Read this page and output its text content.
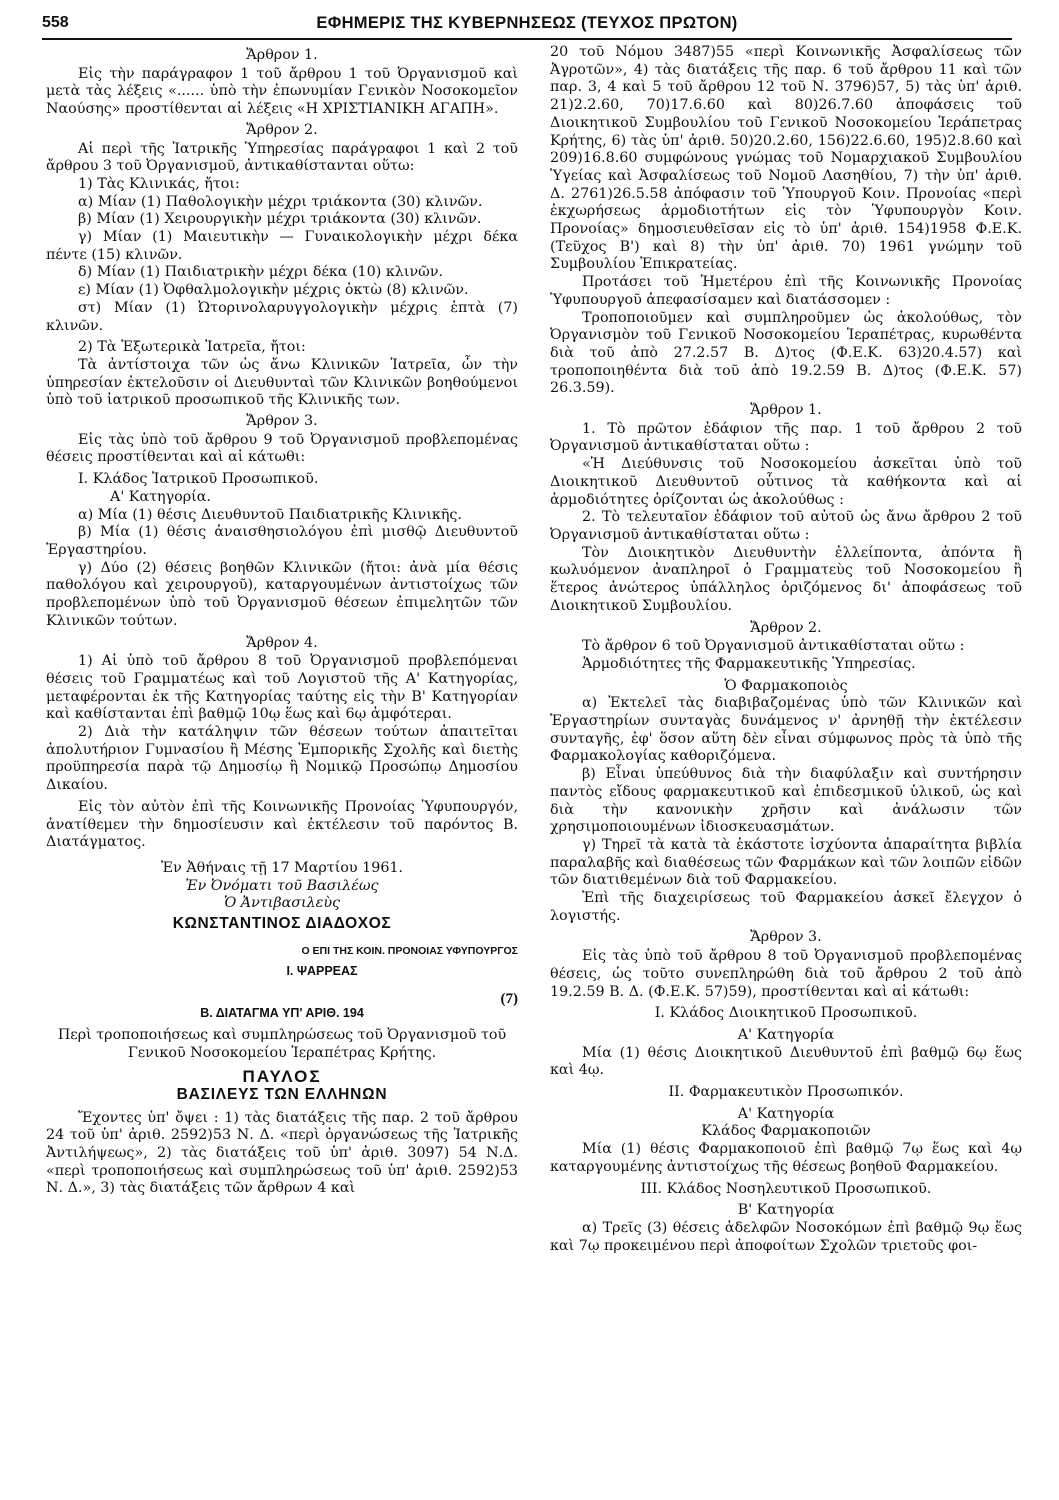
558	ΕΦΗΜΕΡΙΣ ΤΗΣ ΚΥΒΕΡΝΗΣΕΩΣ (ΤΕΥΧΟΣ ΠΡΩΤΟΝ)

Ἄρθρον 1.

Εἰς τὴν παράγραφον 1 τοῦ ἄρθρου 1 τοῦ Ὀργανισμοῦ καὶ μετὰ τὰς λέξεις «...... ὑπὸ τὴν ἐπωνυμίαν Γενικὸν Νοσοκομεῖον Ναούσης» προστίθενται αἱ λέξεις «Η ΧΡΙΣΤΙΑΝΙΚΗ ΑΓΑΠΗ».

Ἄρθρον 2.

Αἱ περὶ τῆς Ἰατρικῆς Ὑπηρεσίας παράγραφοι 1 καὶ 2 τοῦ ἄρθρου 3 τοῦ Ὀργανισμοῦ, ἀντικαθίστανται οὕτω:

1) Τὰς Κλινικάς, ἤτοι:

α) Μίαν (1) Παθολογικὴν μέχρι τριάκοντα (30) κλινῶν.

β) Μίαν (1) Χειρουργικὴν μέχρι τριάκοντα (30) κλινῶν.

γ) Μίαν (1) Μαιευτικὴν — Γυναικολογικὴν μέχρι δέκα πέντε (15) κλινῶν.

δ) Μίαν (1) Παιδιατρικὴν μέχρι δέκα (10) κλινῶν.

ε) Μίαν (1) Ὀφθαλμολογικὴν μέχρις ὀκτὼ (8) κλινῶν.

στ) Μίαν (1) Ὠτορινολαρυγγολογικὴν μέχρις ἑπτὰ (7) κλινῶν.

2) Τὰ Ἐξωτερικὰ Ἰατρεῖα, ἤτοι:

Τὰ ἀντίστοιχα τῶν ὡς ἄνω Κλινικῶν Ἰατρεῖα, ὧν τὴν ὑπηρεσίαν ἐκτελοῦσιν οἱ Διευθυνταὶ τῶν Κλινικῶν βοηθούμενοι ὑπὸ τοῦ ἰατρικοῦ προσωπικοῦ τῆς Κλινικῆς των.

Ἄρθρον 3.

Εἰς τὰς ὑπὸ τοῦ ἄρθρου 9 τοῦ Ὀργανισμοῦ προβλεπομένας θέσεις προστίθενται καὶ αἱ κάτωθι:

Ι. Κλάδος Ἰατρικοῦ Προσωπικοῦ.

Α' Κατηγορία.

α) Μία (1) θέσις Διευθυντοῦ Παιδιατρικῆς Κλινικῆς.

β) Μία (1) θέσις ἀναισθησιολόγου ἐπὶ μισθῷ Διευθυντοῦ Ἐργαστηρίου.

γ) Δύο (2) θέσεις βοηθῶν Κλινικῶν (ἤτοι: ἀνὰ μία θέσις παθολόγου καὶ χειρουργοῦ), καταργουμένων ἀντιστοίχως τῶν προβλεπομένων ὑπὸ τοῦ Ὀργανισμοῦ θέσεων ἐπιμελητῶν τῶν Κλινικῶν τούτων.

Ἄρθρον 4.

1) Αἱ ὑπὸ τοῦ ἄρθρου 8 τοῦ Ὀργανισμοῦ προβλεπόμεναι θέσεις τοῦ Γραμματέως καὶ τοῦ Λογιστοῦ τῆς Α' Κατηγορίας, μεταφέρονται ἐκ τῆς Κατηγορίας ταύτης εἰς τὴν Β' Κατηγορίαν καὶ καθίστανται ἐπὶ βαθμῷ 10ῳ ἕως καὶ 6ῳ ἀμφότεραι.

2) Διὰ τὴν κατάληψιν τῶν θέσεων τούτων ἀπαιτεῖται ἀπολυτήριον Γυμνασίου ἢ Μέσης Ἐμπορικῆς Σχολῆς καὶ διετὴς προϋπηρεσία παρὰ τῷ Δημοσίῳ ἢ Νομικῷ Προσώπῳ Δημοσίου Δικαίου.

Εἰς τὸν αὐτὸν ἐπὶ τῆς Κοινωνικῆς Προνοίας Ὑφυπουργόν, ἀνατίθεμεν τὴν δημοσίευσιν καὶ ἐκτέλεσιν τοῦ παρόντος Β. Διατάγματος.

Ἐν Ἀθήναις τῇ 17 Μαρτίου 1961.

Ἐν Ὀνόματι τοῦ Βασιλέως

Ὁ Ἀντιβασιλεὺς

ΚΩΝΣΤΑΝΤΙΝΟΣ ΔΙΑΔΟΧΟΣ

Ο ΕΠΙ ΤΗΣ ΚΟΙΝ. ΠΡΟΝΟΙΑΣ ΥΦΥΠΟΥΡΓΟΣ

Ι. ΨΑΡΡΕΑΣ

(7)
Β. ΔΙΑΤΑΓΜΑ ΥΠ' ΑΡΙΘ. 194

Περὶ τροποποιήσεως καὶ συμπληρώσεως τοῦ Ὀργανισμοῦ τοῦ Γενικοῦ Νοσοκομείου Ἱεραπέτρας Κρήτης.

ΠΑΥΛΟΣ

ΒΑΣΙΛΕΥΣ ΤΩΝ ΕΛΛΗΝΩΝ

Ἔχοντες ὑπ' ὄψει : 1) τὰς διατάξεις τῆς παρ. 2 τοῦ ἄρθρου 24 τοῦ ὑπ' ἀριθ. 2592)53 Ν. Δ. «περὶ ὀργανώσεως τῆς Ἰατρικῆς Ἀντιλήψεως», 2) τὰς διατάξεις τοῦ ὑπ' ἀριθ. 3097) 54 Ν.Δ. «περὶ τροποποιήσεως καὶ συμπληρώσεως τοῦ ὑπ' ἀριθ. 2592)53 Ν. Δ.», 3) τὰς διατάξεις τῶν ἄρθρων 4 καὶ

20 τοῦ Νόμου 3487)55 «περὶ Κοινωνικῆς Ἀσφαλίσεως τῶν Ἀγροτῶν», 4) τὰς διατάξεις τῆς παρ. 6 τοῦ ἄρθρου 11 καὶ τῶν παρ. 3, 4 καὶ 5 τοῦ ἄρθρου 12 τοῦ Ν. 3796)57, 5) τὰς ὑπ' ἀριθ. 21)2.2.60, 70)17.6.60 καὶ 80)26.7.60 ἀποφάσεις τοῦ Διοικητικοῦ Συμβουλίου τοῦ Γενικοῦ Νοσοκομείου Ἱεράπετρας Κρήτης, 6) τὰς ὑπ' ἀριθ. 50)20.2.60, 156)22.6.60, 195)2.8.60 καὶ 209)16.8.60 συμφώνους γνώμας τοῦ Νομαρχιακοῦ Συμβουλίου Ὑγείας καὶ Ἀσφαλίσεως τοῦ Νομοῦ Λασηθίου, 7) τὴν ὑπ' ἀριθ. Δ. 2761)26.5.58 ἀπόφασιν τοῦ Ὑπουργοῦ Κοιν. Προνοίας «περὶ ἐκχωρήσεως ἁρμοδιοτήτων εἰς τὸν Ὑφυπουργὸν Κοιν. Προνοίας» δημοσιευθεῖσαν εἰς τὸ ὑπ' ἀριθ. 154)1958 Φ.Ε.Κ. (Τεῦχος Β') καὶ 8) τὴν ὑπ' ἀριθ. 70) 1961 γνώμην τοῦ Συμβουλίου Ἐπικρατείας.

Προτάσει τοῦ Ἡμετέρου ἐπὶ τῆς Κοινωνικῆς Προνοίας Ὑφυπουργοῦ ἀπεφασίσαμεν καὶ διατάσσομεν :

Τροποποιοῦμεν καὶ συμπληροῦμεν ὡς ἀκολούθως, τὸν Ὀργανισμὸν τοῦ Γενικοῦ Νοσοκομείου Ἱεραπέτρας, κυρωθέντα διὰ τοῦ ἀπὸ 27.2.57 Β. Δ)τος (Φ.Ε.Κ. 63)20.4.57) καὶ τροποποιηθέντα διὰ τοῦ ἀπὸ 19.2.59 Β. Δ)τος (Φ.Ε.Κ. 57) 26.3.59).

Ἄρθρον 1.

1. Τὸ πρῶτον ἐδάφιον τῆς παρ. 1 τοῦ ἄρθρου 2 τοῦ Ὀργανισμοῦ ἀντικαθίσταται οὕτω :

«Ἡ Διεύθυνσις τοῦ Νοσοκομείου ἀσκεῖται ὑπὸ τοῦ Διοικητικοῦ Διευθυντοῦ οὗτινος τὰ καθήκοντα καὶ αἱ ἁρμοδιότητες ὁρίζονται ὡς ἀκολούθως :

2. Τὸ τελευταῖον ἐδάφιον τοῦ αὐτοῦ ὡς ἄνω ἄρθρου 2 τοῦ Ὀργανισμοῦ ἀντικαθίσταται οὕτω :

Τὸν Διοικητικὸν Διευθυντὴν ἐλλείποντα, ἀπόντα ἢ κωλυόμενον ἀναπληροῖ ὁ Γραμματεὺς τοῦ Νοσοκομείου ἢ ἕτερος ἀνώτερος ὑπάλληλος ὁριζόμενος δι' ἀποφάσεως τοῦ Διοικητικοῦ Συμβουλίου.

Ἄρθρον 2.

Τὸ ἄρθρον 6 τοῦ Ὀργανισμοῦ ἀντικαθίσταται οὕτω :

Ἁρμοδιότητες τῆς Φαρμακευτικῆς Ὑπηρεσίας.

Ὁ Φαρμακοποιὸς

α) Ἐκτελεῖ τὰς διαβιβαζομένας ὑπὸ τῶν Κλινικῶν καὶ Ἐργαστηρίων συνταγὰς δυνάμενος ν' ἀρνηθῇ τὴν ἐκτέλεσιν συνταγῆς, ἐφ' ὅσον αὕτη δὲν εἶναι σύμφωνος πρὸς τὰ ὑπὸ τῆς Φαρμακολογίας καθοριζόμενα.

β) Εἶναι ὑπεύθυνος διὰ τὴν διαφύλαξιν καὶ συντήρησιν παντὸς εἴδους φαρμακευτικοῦ καὶ ἐπιδεσμικοῦ ὑλικοῦ, ὡς καὶ διὰ τὴν κανονικὴν χρῆσιν καὶ ἀνάλωσιν τῶν χρησιμοποιουμένων ἰδιοσκευασμάτων.

γ) Τηρεῖ τὰ κατὰ τὰ ἑκάστοτε ἰσχύοντα ἀπαραίτητα βιβλία παραλαβῆς καὶ διαθέσεως τῶν Φαρμάκων καὶ τῶν λοιπῶν εἰδῶν τῶν διατιθεμένων διὰ τοῦ Φαρμακείου.

Ἐπὶ τῆς διαχειρίσεως τοῦ Φαρμακείου ἀσκεῖ ἔλεγχον ὁ λογιστής.

Ἄρθρον 3.

Εἰς τὰς ὑπὸ τοῦ ἄρθρου 8 τοῦ Ὀργανισμοῦ προβλεπομένας θέσεις, ὡς τοῦτο συνεπληρώθη διὰ τοῦ ἄρθρου 2 τοῦ ἀπὸ 19.2.59 Β. Δ. (Φ.Ε.Κ. 57)59), προστίθενται καὶ αἱ κάτωθι:

Ι. Κλάδος Διοικητικοῦ Προσωπικοῦ.

Α' Κατηγορία

Μία (1) θέσις Διοικητικοῦ Διευθυντοῦ ἐπὶ βαθμῷ 6ῳ ἕως καὶ 4ῳ.

ΙΙ. Φαρμακευτικὸν Προσωπικόν.

Α' Κατηγορία

Κλάδος Φαρμακοποιῶν

Μία (1) θέσις Φαρμακοποιοῦ ἐπὶ βαθμῷ 7ῳ ἕως καὶ 4ῳ καταργουμένης ἀντιστοίχως τῆς θέσεως βοηθοῦ Φαρμακείου.

ΙΙΙ. Κλάδος Νοσηλευτικοῦ Προσωπικοῦ.

Β' Κατηγορία

α) Τρεῖς (3) θέσεις ἀδελφῶν Νοσοκόμων ἐπὶ βαθμῷ 9ῳ ἕως καὶ 7ῳ προκειμένου περὶ ἀποφοίτων Σχολῶν τριετοῦς φοι-
